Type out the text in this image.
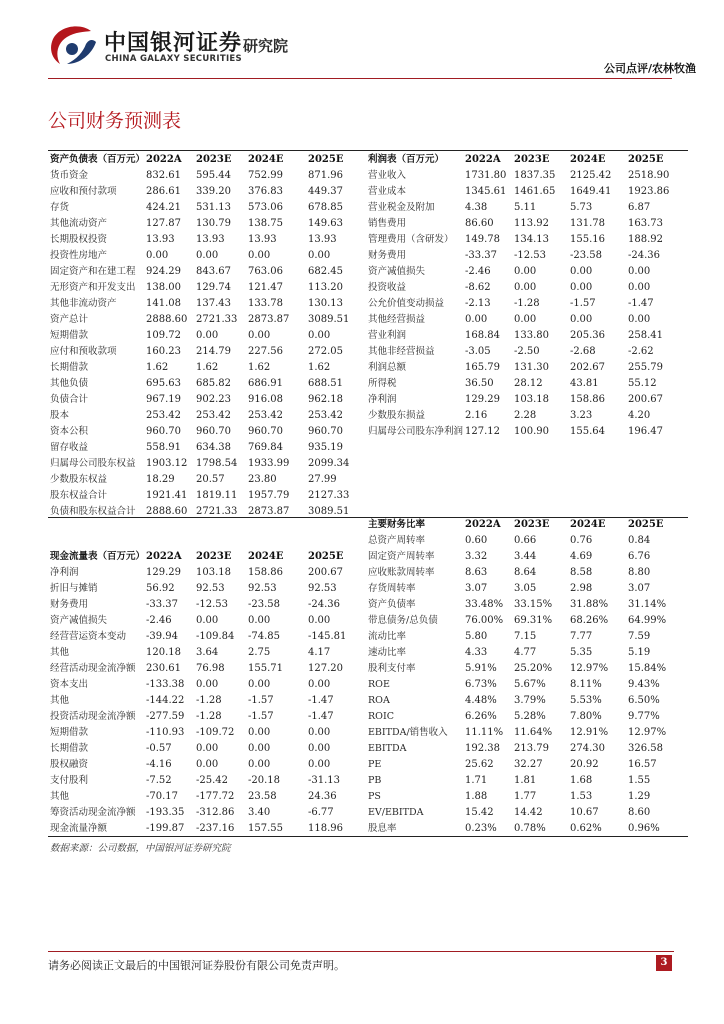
中国银河证券 研究院
CHINA GALAXY SECURITIES
公司点评/农林牧渔
公司财务预测表
资产负债表（百万元） 2022A 2023E 2024E 2025E
货币资金	832.61 595.44 752.99	871.96
应收和预付款项	286.61 339.20 376.83	449.37
存货	424.21 531.13 573.06	678.85
其他流动资产	127.87 130.79 138.75	149.63
长期股权投资	13.93 13.93 13.93	13.93
投资性房地产	0.00	0.00	0.00	0.00
固定资产和在建工程 924.29 843.67 763.06	682.45
无形资产和开发支出 138.00 129.74 121.47	113.20
其他非流动资产	141.08 137.43 133.78	130.13
资产总计	2888.60 2721.33 2873.87 3089.51
短期借款	109.72 0.00	0.00	0.00
应付和预收款项	160.23 214.79 227.56	272.05
长期借款	1.62	1.62	1.62	1.62
其他负债	695.63 685.82 686.91	688.51
负债合计	967.19 902.23 916.08	962.18
股本	253.42 253.42 253.42	253.42
资本公积	960.70 960.70 960.70	960.70
留存收益	558.91 634.38 769.84	935.19
归属母公司股东权益 1903.12 1798.54 1933.99 2099.34
少数股东权益	18.29 20.57 23.80	27.99
股东权益合计	1921.41 1819.11 1957.79 2127.33
负债和股东权益合计 2888.60 2721.33 2873.87 3089.51
利润表（百万元） 2022A 2023E 2024E 2025E
营业收入	1731.80 1837.35 2125.42 2518.90
营业成本	1345.61 1461.65 1649.41 1923.86
营业税金及附加	4.38	5.11	5.73	6.87
销售费用	86.60 113.92 131.78 163.73
管理费用（含研发） 149.78 134.13 155.16 188.92
财务费用	-33.37 -12.53 -23.58	-24.36
资产减值损失	-2.46 0.00	0.00	0.00
投资收益	-8.62 0.00	0.00	0.00
公允价值变动损益 -2.13 -1.28	-1.57	-1.47
其他经营损益	0.00	0.00	0.00	0.00
营业利润	168.84 133.80 205.36 258.41
其他非经营损益	-3.05 -2.50	-2.68	-2.62
利润总额	165.79 131.30 202.67 255.79
所得税	36.50 28.12	43.81	55.12
净利润	129.29 103.18 158.86 200.67
少数股东损益	2.16	2.28	3.23	4.20
归属母公司股东净利润 127.12 100.90 155.64 196.47
主要财务比率	2022A 2023E 2024E 2025E
总资产周转率	0.60	0.66	0.76	0.84
固定资产周转率	3.32	3.44	4.69	6.76
应收账款周转率	8.63	8.64	8.58	8.80
存货周转率	3.07	3.05	2.98	3.07
资产负债率	33.48% 33.15% 31.88% 31.14%
带息债务/总负债	76.00% 69.31% 68.26% 64.99%
流动比率	5.80	7.15	7.77	7.59
速动比率	4.33	4.77	5.35	5.19
股利支付率	5.91% 25.20% 12.97% 15.84%
ROE	6.73% 5.67% 8.11%	9.43%
ROA	4.48% 3.79% 5.53%	6.50%
ROIC	6.26% 5.28% 7.80%	9.77%
EBITDA/销售收入 11.11% 11.64% 12.91% 12.97%
EBITDA	192.38 213.79 274.30 326.58
PE	25.62 32.27	20.92	16.57
PB	1.71	1.81	1.68	1.55
PS	1.88	1.77	1.53	1.29
EV/EBITDA	15.42 14.42	10.67	8.60
股息率	0.23% 0.78% 0.62%	0.96%
现金流量表（百万元） 2022A 2023E 2024E 2025E
净利润	129.29 103.18 158.86	200.67
折旧与摊销	56.92 92.53 92.53	92.53
财务费用	-33.37 -12.53 -23.58	-24.36
资产减值损失	-2.46 0.00	0.00	0.00
经营营运资本变动 -39.94 -109.84 -74.85	-145.81
其他	120.18 3.64	2.75	4.17
经营活动现金流净额 230.61 76.98 155.71	127.20
资本支出	-133.38 0.00	0.00	0.00
其他	-144.22 -1.28	-1.57	-1.47
投资活动现金流净额 -277.59 -1.28	-1.57	-1.47
短期借款	-110.93 -109.72 0.00	0.00
长期借款	-0.57 0.00	0.00	0.00
股权融资	-4.16 0.00	0.00	0.00
支付股利	-7.52 -25.42 -20.18	-31.13
其他	-70.17 -177.72 23.58	24.36
筹资活动现金流净额 -193.35 -312.86 3.40	-6.77
现金流量净额	-199.87 -237.16 157.55	118.96
数据来源：公司数据，中国银河证券研究院
请务必阅读正文最后的中国银河证券股份有限公司免责声明。	3
